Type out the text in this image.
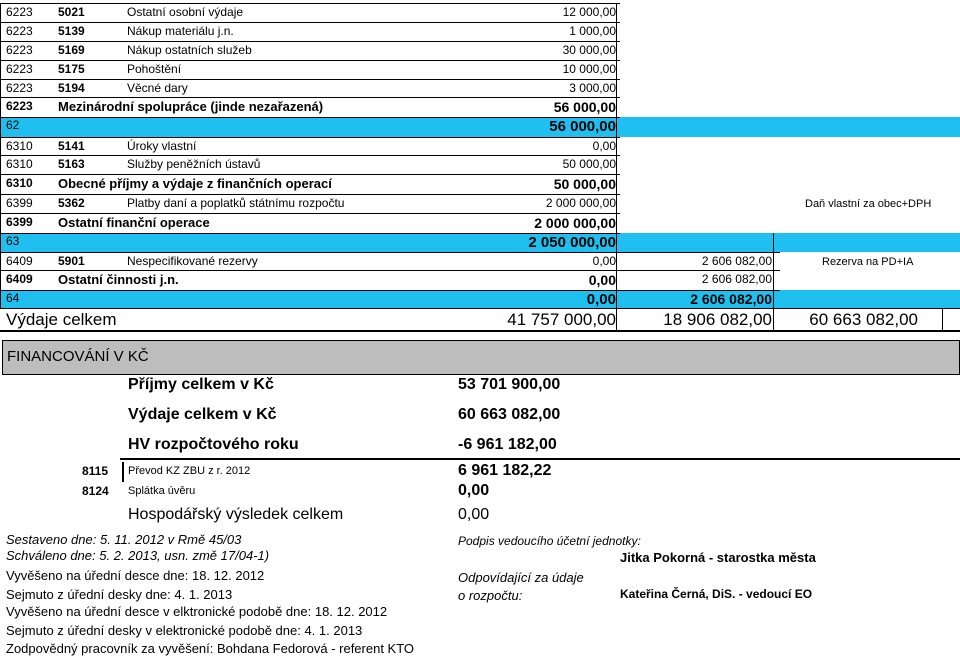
6223	5021	Ostatní osobní výdaje	12 000,00
6223	5139	Nákup materiálu j.n.	1 000,00
6223	5169	Nákup ostatních služeb	30 000,00
6223	5175	Pohoštění	10 000,00
6223	5194	Věcné dary	3 000,00
6223	Mezinárodní spolupráce (jinde nezařazená)	56 000,00
62	56 000,00
6310	5141	Úroky vlastní	0,00
6310	5163	Služby peněžních ústavů	50 000,00
6310	Obecné příjmy a výdaje z finančních operací	50 000,00
6399	5362	Platby daní a poplatků státnímu rozpočtu	2 000 000,00	Daň vlastní za obec+DPH
6399	Ostatní finanční operace	2 000 000,00
63	2 050 000,00
6409	5901	Nespecifikované rezervy	0,00	2 606 082,00	Rezerva na PD+IA
6409	Ostatní činnosti j.n.	0,00	2 606 082,00
64	0,00	2 606 082,00
Výdaje celkem	41 757 000,00	18 906 082,00	60 663 082,00
FINANCOVÁNÍ V KČ
Příjmy celkem v Kč	53 701 900,00
Výdaje celkem v Kč	60 663 082,00
HV rozpočtového roku	-6 961 182,00
8115 Převod KZ ZBU z r. 2012	6 961 182,22
8124 Splátka úvěru	0,00
Hospodářský výsledek celkem	0,00
Sestaveno dne: 5. 11. 2012 v Rmě 45/03
Schváleno dne: 5. 2. 2013, usn. změ 17/04-1)
Vyvěšeno na úřední desce dne: 18. 12. 2012
Sejmuto z úřední desky dne: 4. 1. 2013
Vyvěšeno na úřední desce v elktronické podobě dne: 18. 12. 2012
Sejmuto z úřední desky v elektronické podobě dne: 4. 1. 2013
Zodpovědný pracovník za vyvěšení: Bohdana Fedorová - referent KTO
Podpis vedoucího účetní jednotky:
Jitka Pokorná - starostka města
Odpovídající za údaje
o rozpočtu:	Kateřina Černá, DiS. - vedoucí EO
